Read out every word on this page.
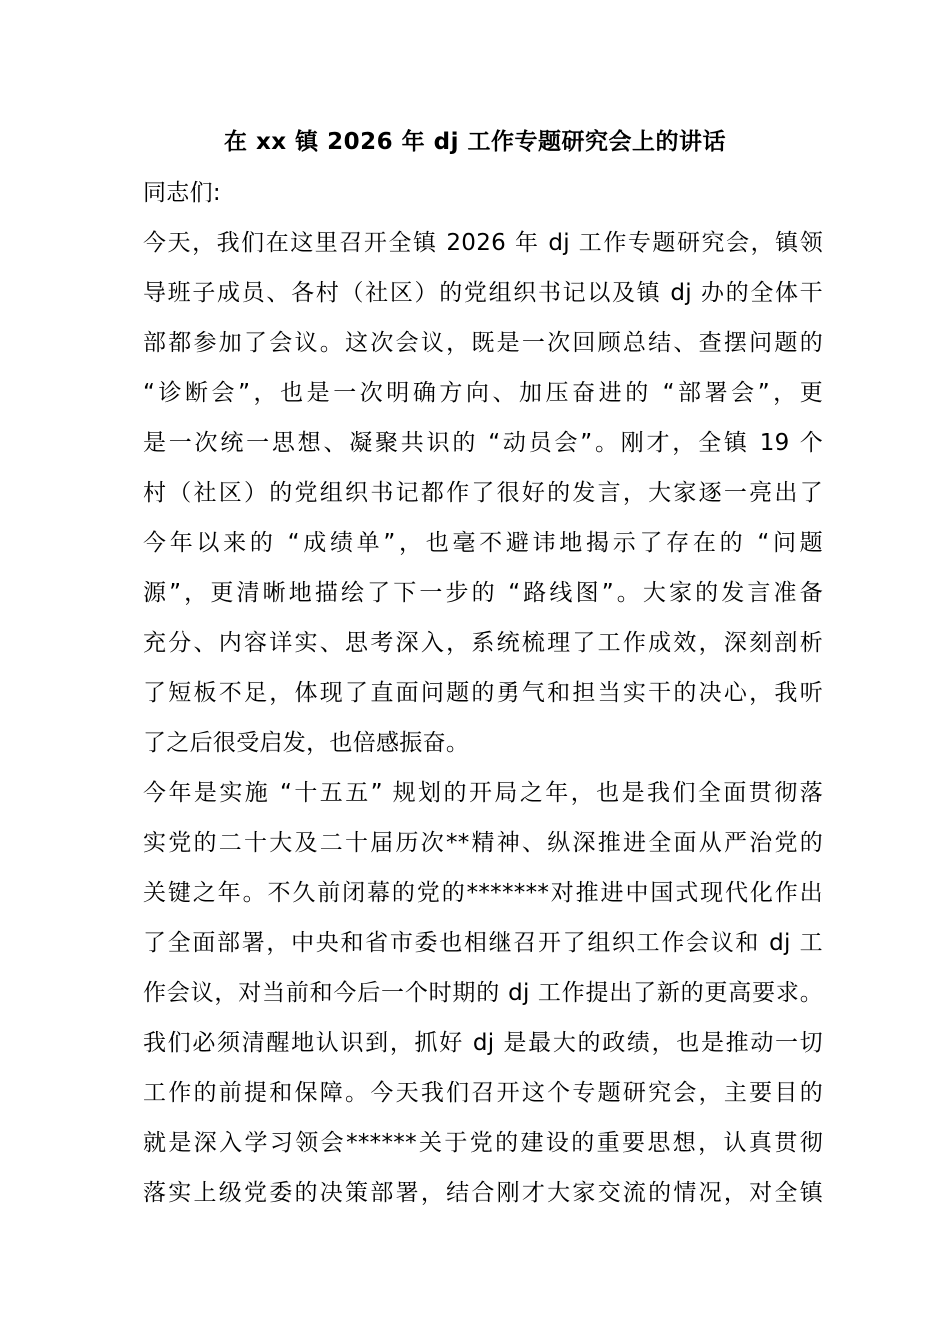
在 xx 镇 2026 年 dj 工作专题研究会上的讲话
同志们:
今天，我们在这里召开全镇 2026 年 dj 工作专题研究会，镇领
导班子成员、各村（社区）的党组织书记以及镇 dj 办的全体干
部都参加了会议。这次会议，既是一次回顾总结、查摆问题的
“诊断会”，也是一次明确方向、加压奋进的 “部署会”，更
是一次统一思想、凝聚共识的 “动员会”。刚才，全镇 19 个
村（社区）的党组织书记都作了很好的发言，大家逐一亮出了
今年以来的 “成绩单”，也毫不避讳地揭示了存在的 “问题
源”，更清晰地描绘了下一步的 “路线图”。大家的发言准备
充分、内容详实、思考深入，系统梳理了工作成效，深刻剖析
了短板不足，体现了直面问题的勇气和担当实干的决心，我听
了之后很受启发，也倍感振奋。
今年是实施 “十五五” 规划的开局之年，也是我们全面贯彻落
实党的二十大及二十届历次**精神、纵深推进全面从严治党的
关键之年。不久前闭幕的党的*******对推进中国式现代化作出
了全面部署，中央和省市委也相继召开了组织工作会议和 dj 工
作会议，对当前和今后一个时期的 dj 工作提出了新的更高要求。
我们必须清醒地认识到，抓好 dj 是最大的政绩，也是推动一切
工作的前提和保障。今天我们召开这个专题研究会，主要目的
就是深入学习领会******关于党的建设的重要思想，认真贯彻
落实上级党委的决策部署，结合刚才大家交流的情况，对全镇
